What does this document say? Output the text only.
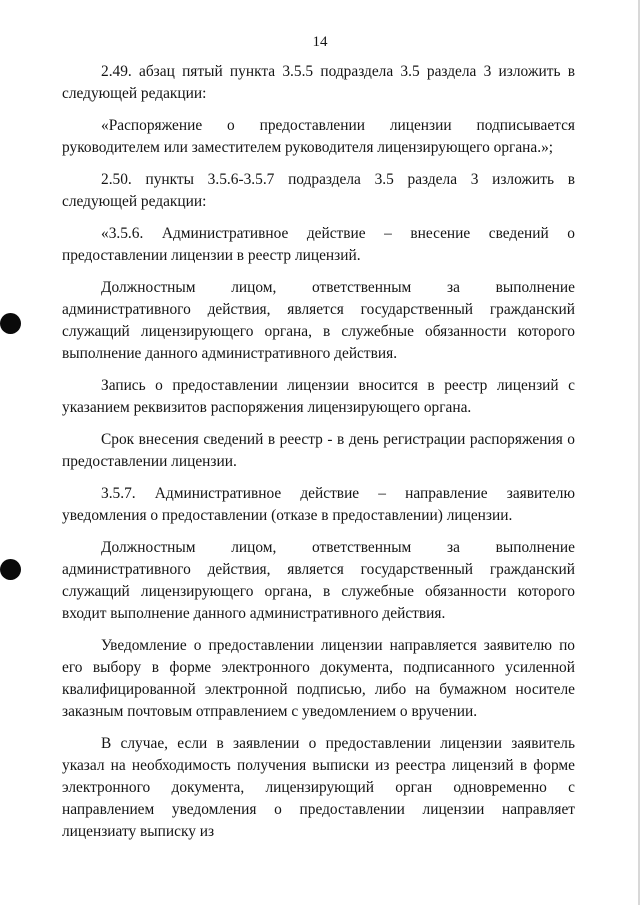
14

2.49. абзац пятый пункта 3.5.5 подраздела 3.5 раздела 3 изложить в следующей редакции:

«Распоряжение о предоставлении лицензии подписывается руководителем или заместителем руководителя лицензирующего органа.»;

2.50. пункты 3.5.6-3.5.7 подраздела 3.5 раздела 3 изложить в следующей редакции:

«3.5.6. Административное действие – внесение сведений о предоставлении лицензии в реестр лицензий.

Должностным лицом, ответственным за выполнение административного действия, является государственный гражданский служащий лицензирующего органа, в служебные обязанности которого выполнение данного административного действия.

Запись о предоставлении лицензии вносится в реестр лицензий с указанием реквизитов распоряжения лицензирующего органа.

Срок внесения сведений в реестр - в день регистрации распоряжения о предоставлении лицензии.

3.5.7. Административное действие – направление заявителю уведомления о предоставлении (отказе в предоставлении) лицензии.

Должностным лицом, ответственным за выполнение административного действия, является государственный гражданский служащий лицензирующего органа, в служебные обязанности которого входит выполнение данного административного действия.

Уведомление о предоставлении лицензии направляется заявителю по его выбору в форме электронного документа, подписанного усиленной квалифицированной электронной подписью, либо на бумажном носителе заказным почтовым отправлением с уведомлением о вручении.

В случае, если в заявлении о предоставлении лицензии заявитель указал на необходимость получения выписки из реестра лицензий в форме электронного документа, лицензирующий орган одновременно с направлением уведомления о предоставлении лицензии направляет лицензиату выписку из
